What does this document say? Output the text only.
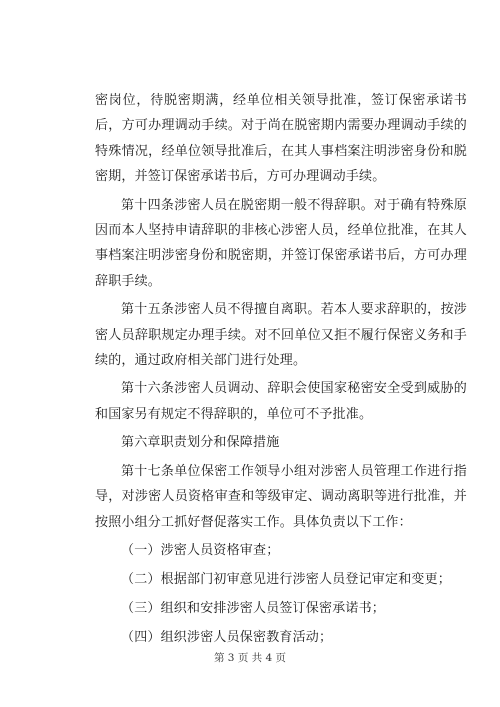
密岗位，待脱密期满，经单位相关领导批准，签订保密承诺书后，方可办理调动手续。对于尚在脱密期内需要办理调动手续的特殊情况，经单位领导批准后，在其人事档案注明涉密身份和脱密期，并签订保密承诺书后，方可办理调动手续。

第十四条涉密人员在脱密期一般不得辞职。对于确有特殊原因而本人坚持申请辞职的非核心涉密人员，经单位批准，在其人事档案注明涉密身份和脱密期，并签订保密承诺书后，方可办理辞职手续。

第十五条涉密人员不得擅自离职。若本人要求辞职的，按涉密人员辞职规定办理手续。对不回单位又拒不履行保密义务和手续的，通过政府相关部门进行处理。

第十六条涉密人员调动、辞职会使国家秘密安全受到威胁的和国家另有规定不得辞职的，单位可不予批准。

第六章职责划分和保障措施

第十七条单位保密工作领导小组对涉密人员管理工作进行指导，对涉密人员资格审查和等级审定、调动离职等进行批准，并按照小组分工抓好督促落实工作。具体负责以下工作：

（一）涉密人员资格审查；

（二）根据部门初审意见进行涉密人员登记审定和变更；

（三）组织和安排涉密人员签订保密承诺书；

（四）组织涉密人员保密教育活动；

第 3 页 共 4 页
